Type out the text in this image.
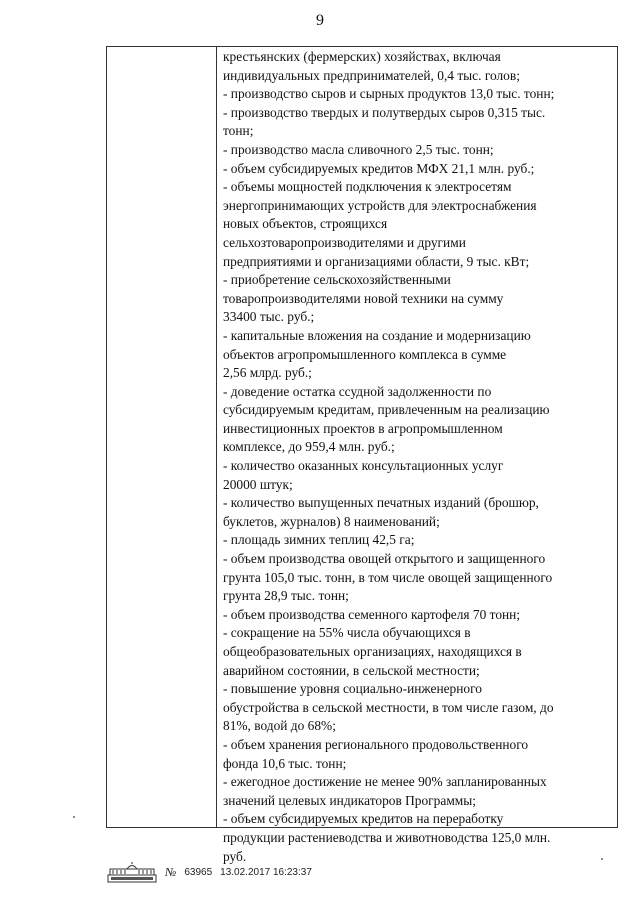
9
крестьянских (фермерских) хозяйствах, включая
индивидуальных предпринимателей, 0,4 тыс. голов;
- производство сыров и сырных продуктов 13,0 тыс. тонн;
- производство твердых и полутвердых сыров 0,315 тыс.
тонн;
- производство масла сливочного 2,5 тыс. тонн;
- объем субсидируемых кредитов МФХ 21,1 млн. руб.;
- объемы мощностей подключения к электросетям
энергопринимающих устройств для электроснабжения
новых объектов, строящихся
сельхозтоваропроизводителями и другими
предприятиями и организациями области, 9 тыс. кВт;
- приобретение сельскохозяйственными
товаропроизводителями новой техники на сумму
33400 тыс. руб.;
- капитальные вложения на создание и модернизацию
объектов агропромышленного комплекса в сумме
2,56 млрд. руб.;
- доведение остатка ссудной задолженности по
субсидируемым кредитам, привлеченным на реализацию
инвестиционных проектов в агропромышленном
комплексе, до 959,4 млн. руб.;
- количество оказанных консультационных услуг
20000 штук;
- количество выпущенных печатных изданий (брошюр,
буклетов, журналов) 8 наименований;
- площадь зимних теплиц 42,5 га;
- объем производства овощей открытого и защищенного
грунта 105,0 тыс. тонн, в том числе овощей защищенного
грунта 28,9 тыс. тонн;
- объем производства семенного картофеля 70 тонн;
- сокращение на 55% числа обучающихся в
общеобразовательных организациях, находящихся в
аварийном состоянии, в сельской местности;
- повышение уровня социально-инженерного
обустройства в сельской местности, в том числе газом, до
81%, водой до 68%;
- объем хранения регионального продовольственного
фонда 10,6 тыс. тонн;
- ежегодное достижение не менее 90% запланированных
значений целевых индикаторов Программы;
- объем субсидируемых кредитов на переработку
продукции растениеводства и животноводства 125,0 млн.
руб.
№ 63965 13.02.2017 16:23:37
